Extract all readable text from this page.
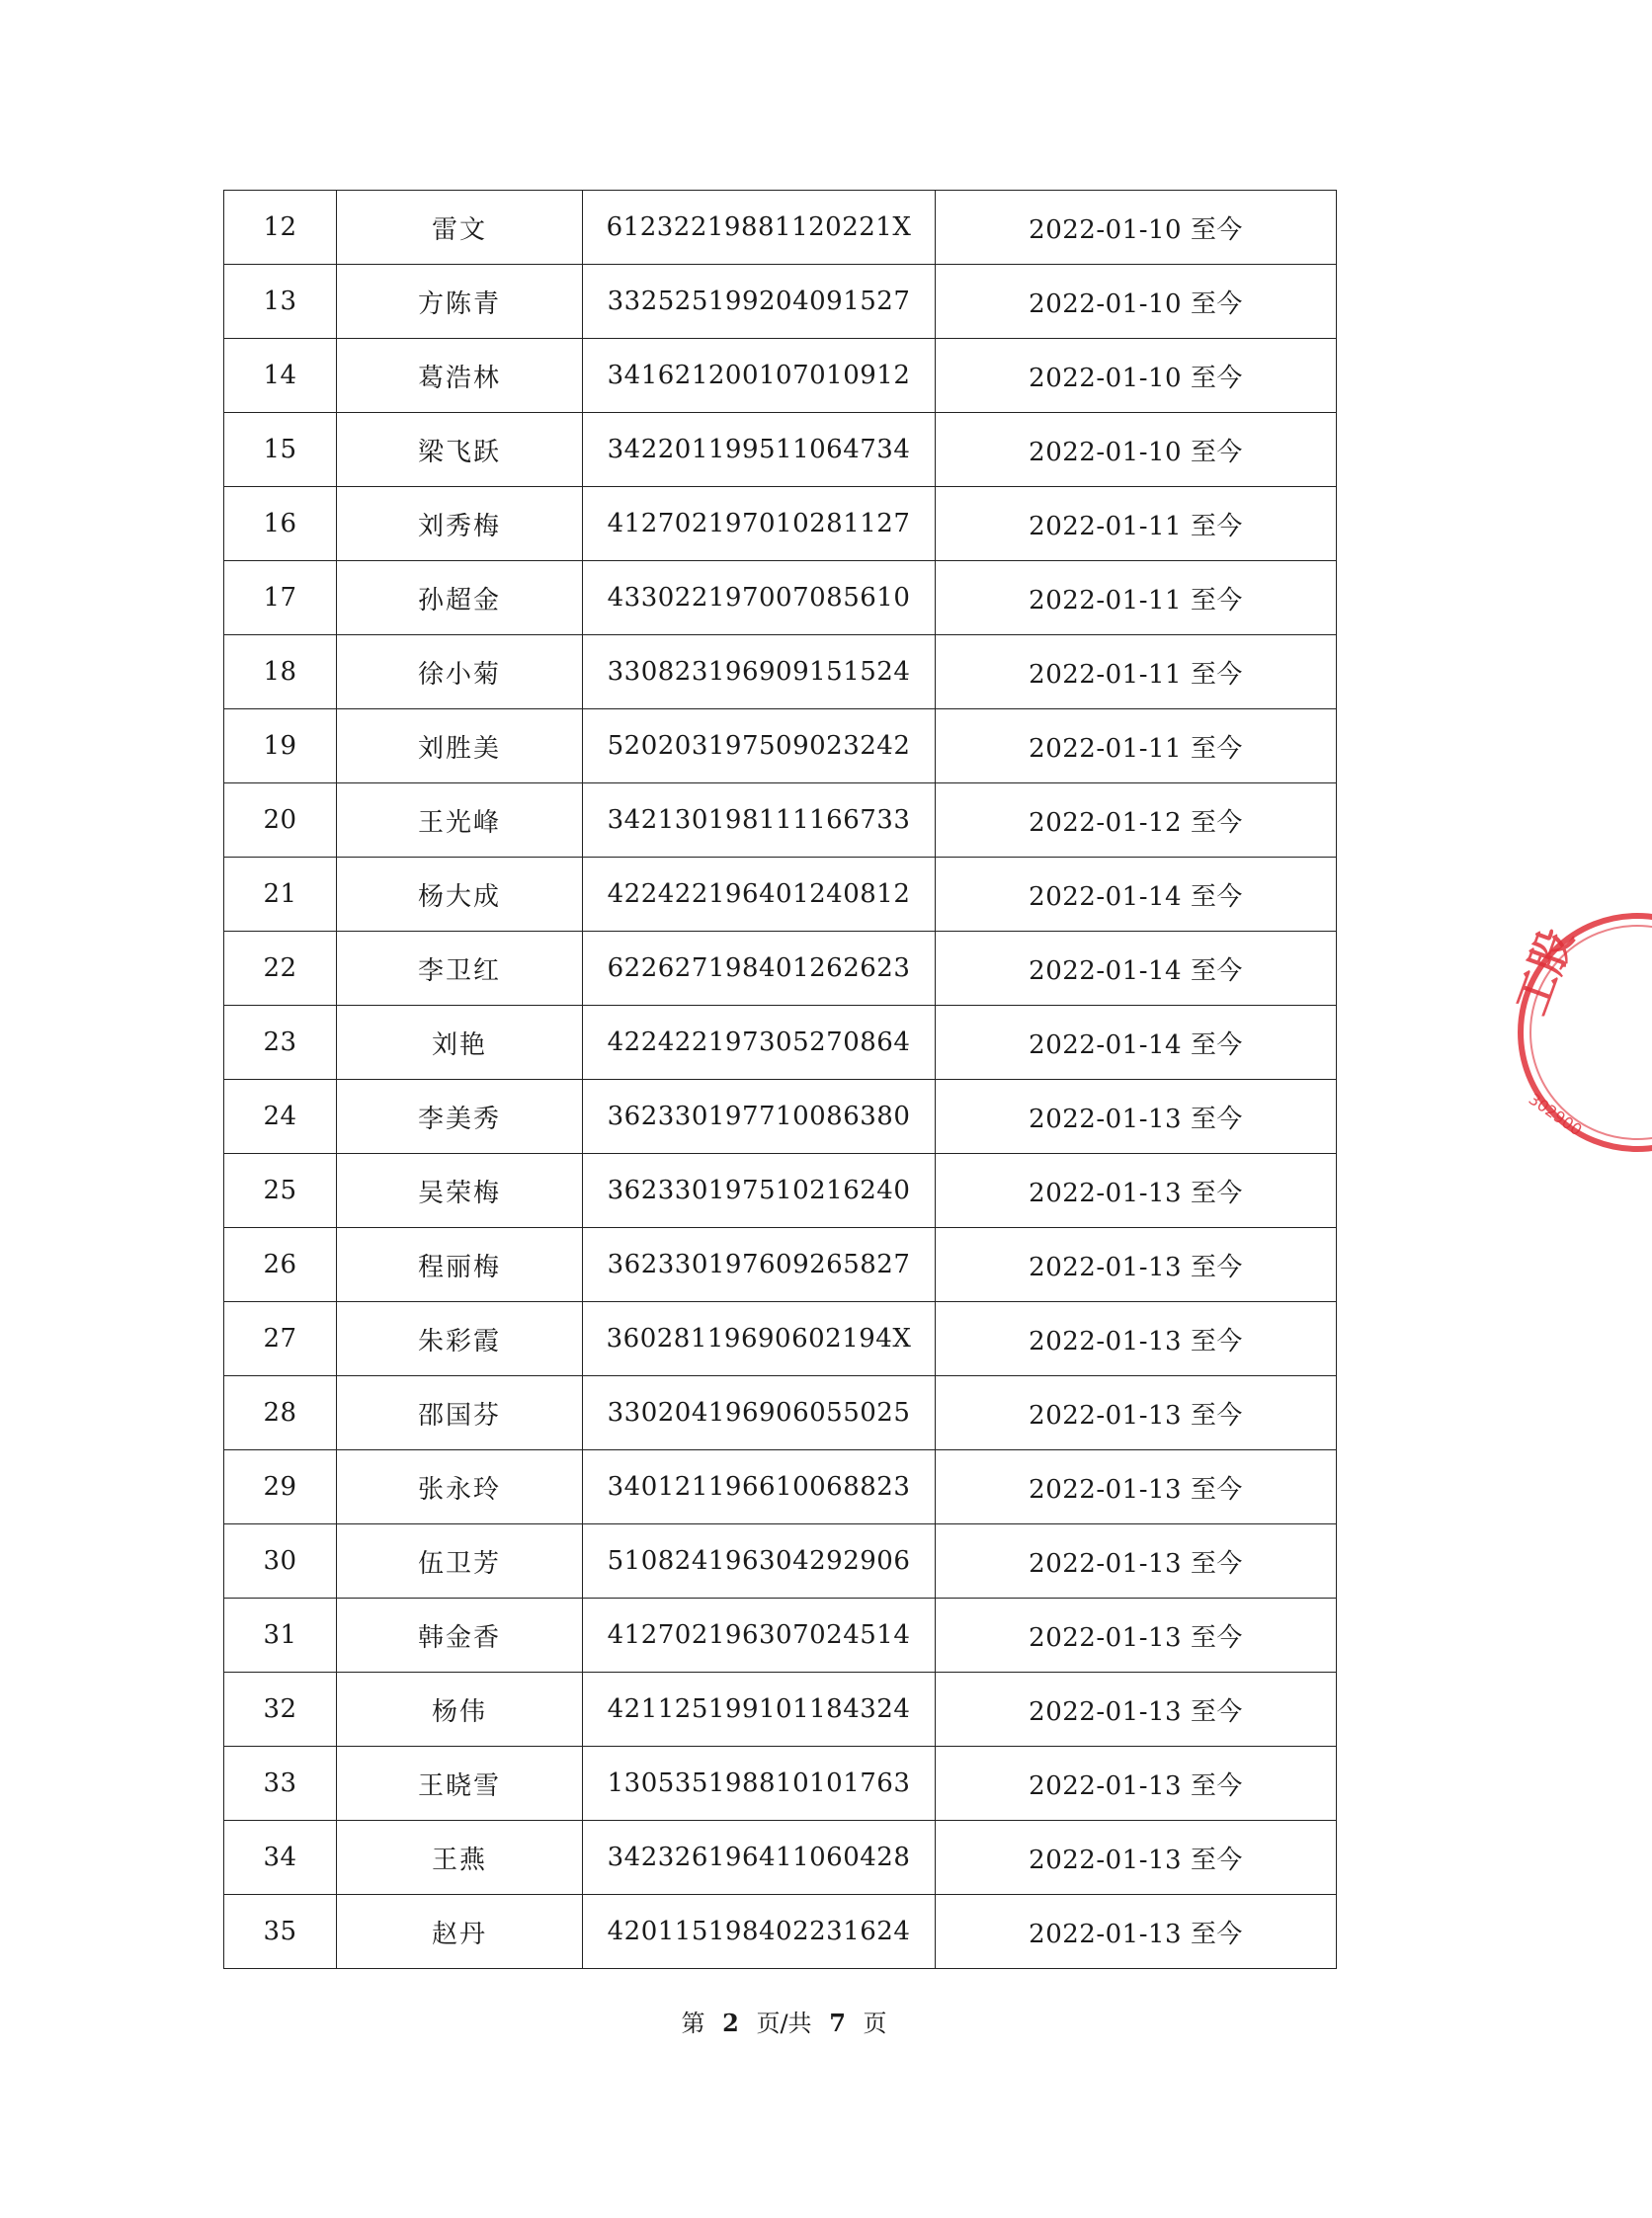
12	雷文	61232219881120221X	2022-01-10 至今
13	方陈青	332525199204091527	2022-01-10 至今
14	葛浩林	341621200107010912	2022-01-10 至今
15	梁飞跃	342201199511064734	2022-01-10 至今
16	刘秀梅	412702197010281127	2022-01-11 至今
17	孙超金	433022197007085610	2022-01-11 至今
18	徐小菊	330823196909151524	2022-01-11 至今
19	刘胜美	520203197509023242	2022-01-11 至今
20	王光峰	342130198111166733	2022-01-12 至今
21	杨大成	422422196401240812	2022-01-14 至今
22	李卫红	622627198401262623	2022-01-14 至今
23	刘艳	422422197305270864	2022-01-14 至今
24	李美秀	362330197710086380	2022-01-13 至今
25	吴荣梅	362330197510216240	2022-01-13 至今
26	程丽梅	362330197609265827	2022-01-13 至今
27	朱彩霞	36028119690602194X	2022-01-13 至今
28	邵国芬	330204196906055025	2022-01-13 至今
29	张永玲	340121196610068823	2022-01-13 至今
30	伍卫芳	510824196304292906	2022-01-13 至今
31	韩金香	412702196307024514	2022-01-13 至今
32	杨伟	421125199101184324	2022-01-13 至今
33	王晓雪	130535198810101763	2022-01-13 至今
34	王燕	342326196411060428	2022-01-13 至今
35	赵丹	420115198402231624	2022-01-13 至今
第 2 页/共 7 页
工股
302900
